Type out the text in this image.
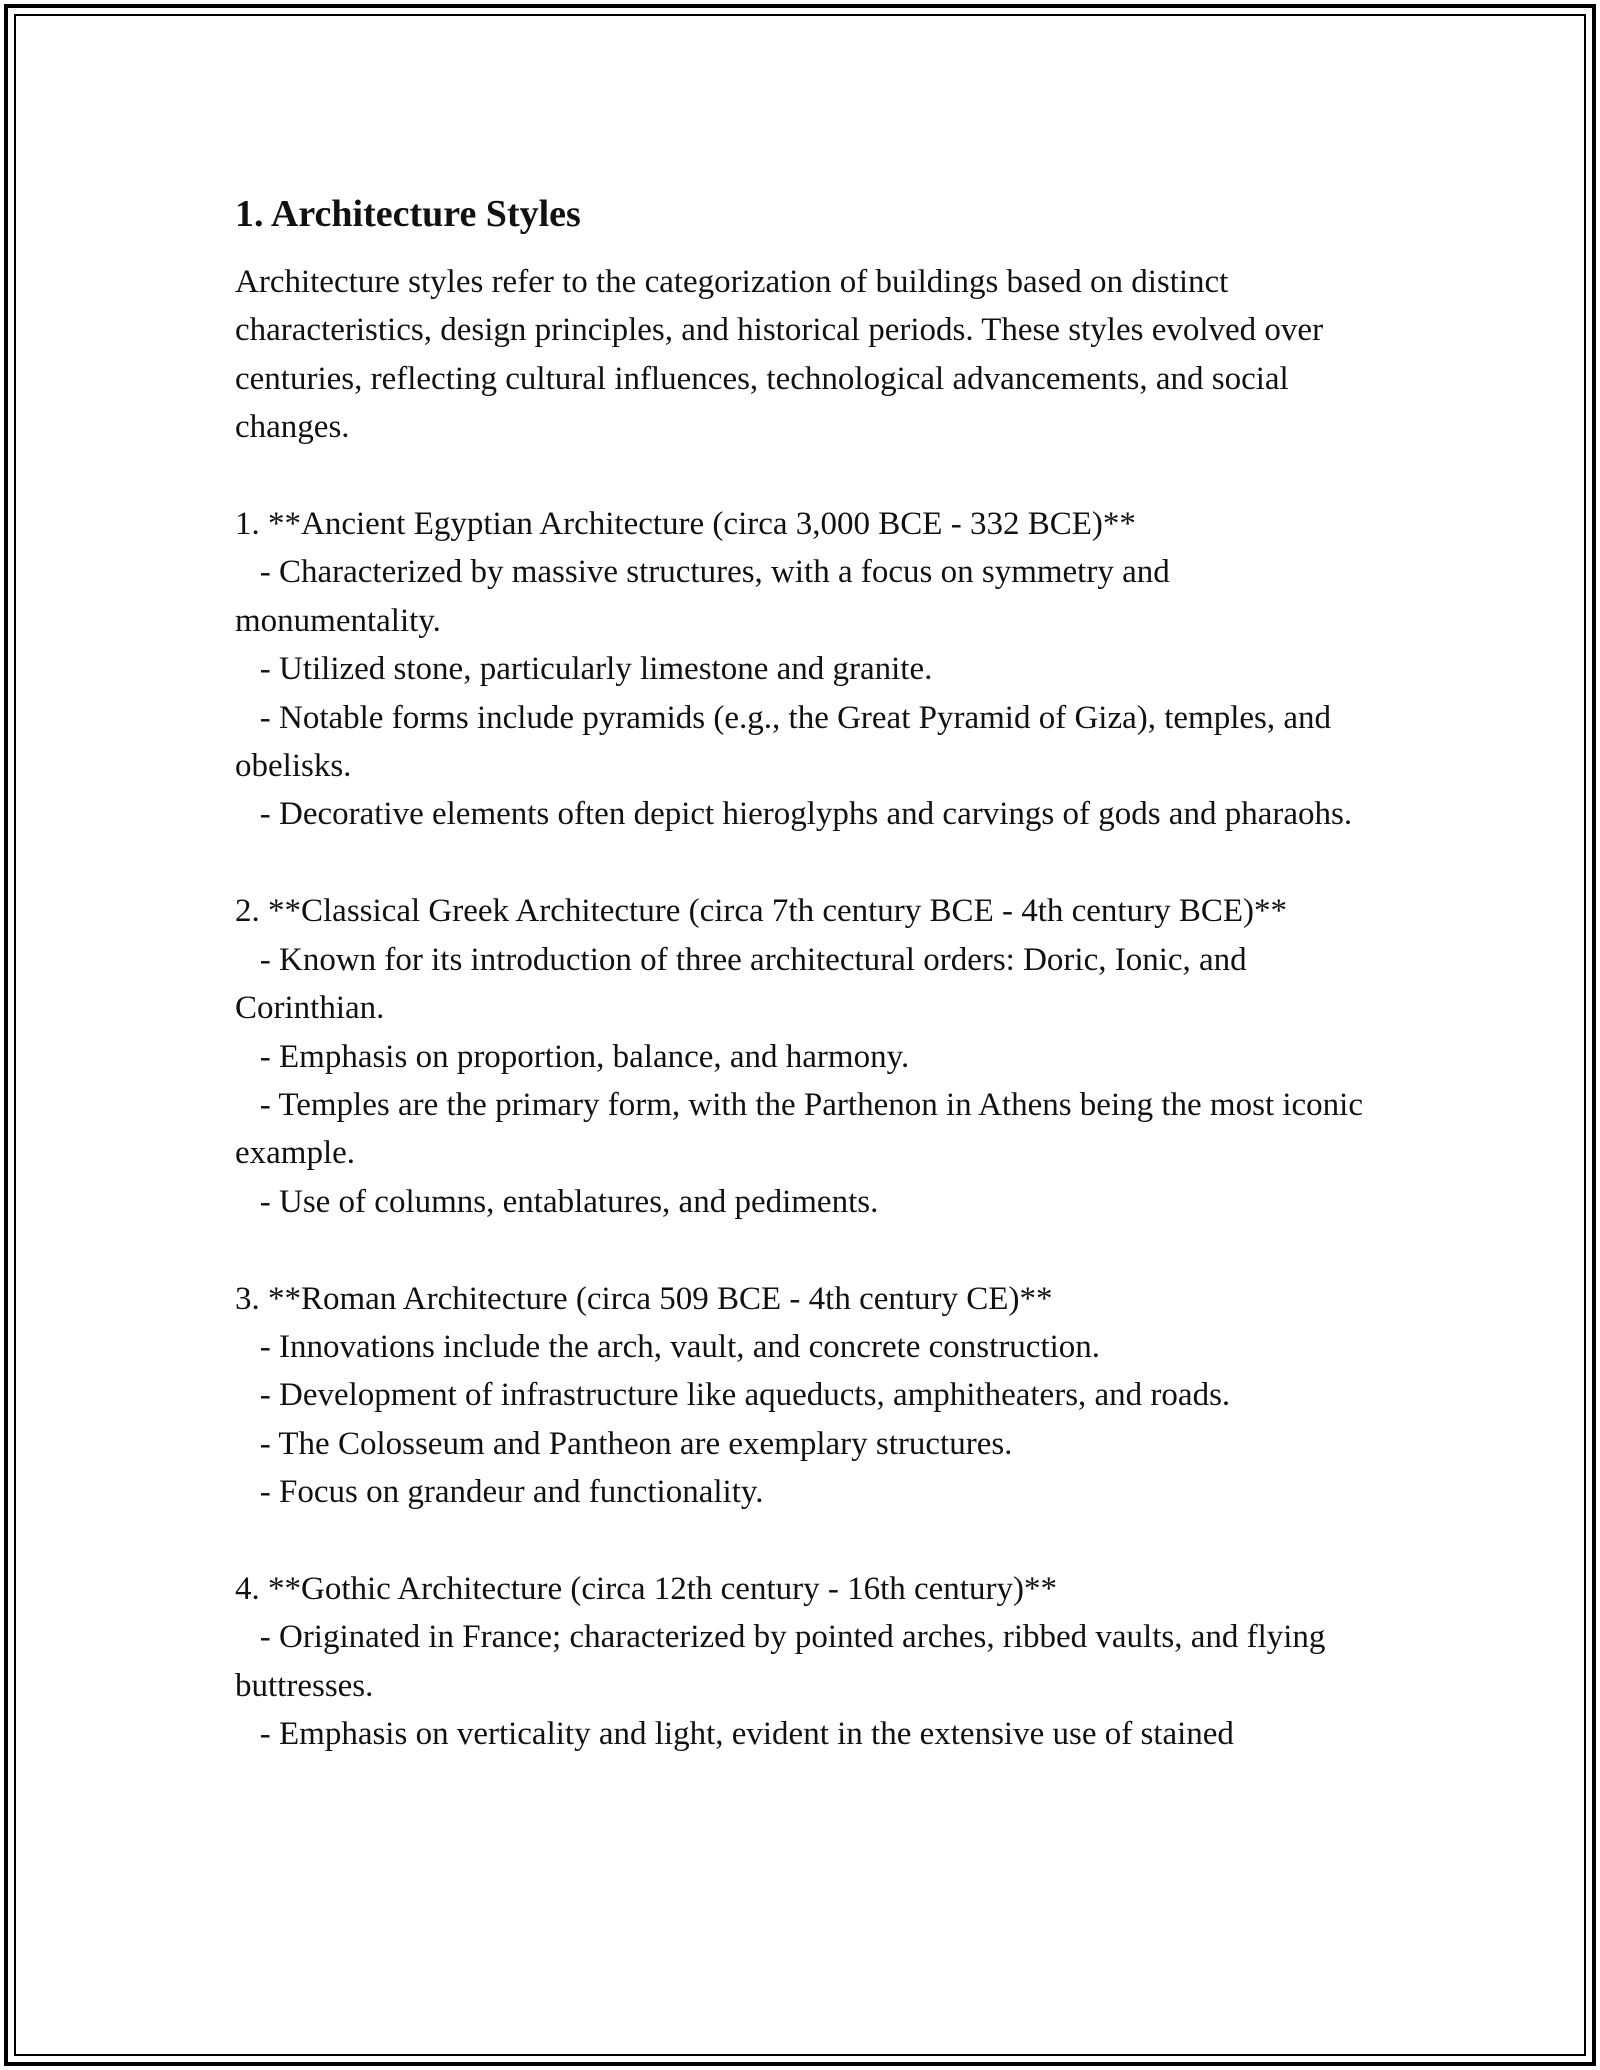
1. Architecture Styles
Architecture styles refer to the categorization of buildings based on distinct characteristics, design principles, and historical periods. These styles evolved over centuries, reflecting cultural influences, technological advancements, and social changes.

1. **Ancient Egyptian Architecture (circa 3,000 BCE - 332 BCE)**
- Characterized by massive structures, with a focus on symmetry and monumentality.
- Utilized stone, particularly limestone and granite.
- Notable forms include pyramids (e.g., the Great Pyramid of Giza), temples, and obelisks.
- Decorative elements often depict hieroglyphs and carvings of gods and pharaohs.

2. **Classical Greek Architecture (circa 7th century BCE - 4th century BCE)**
- Known for its introduction of three architectural orders: Doric, Ionic, and Corinthian.
- Emphasis on proportion, balance, and harmony.
- Temples are the primary form, with the Parthenon in Athens being the most iconic example.
- Use of columns, entablatures, and pediments.

3. **Roman Architecture (circa 509 BCE - 4th century CE)**
- Innovations include the arch, vault, and concrete construction.
- Development of infrastructure like aqueducts, amphitheaters, and roads.
- The Colosseum and Pantheon are exemplary structures.
- Focus on grandeur and functionality.

4. **Gothic Architecture (circa 12th century - 16th century)**
- Originated in France; characterized by pointed arches, ribbed vaults, and flying buttresses.
- Emphasis on verticality and light, evident in the extensive use of stained
